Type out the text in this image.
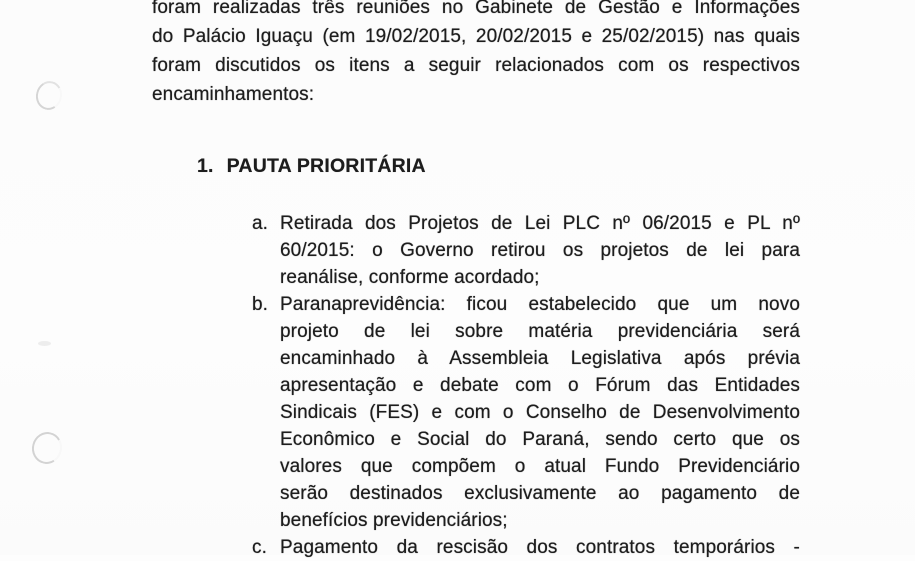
foram realizadas três reuniões no Gabinete de Gestão e Informações
do Palácio Iguaçu (em 19/02/2015, 20/02/2015 e 25/02/2015) nas quais
foram discutidos os itens a seguir relacionados com os respectivos
encaminhamentos:
1. PAUTA PRIORITÁRIA
a. Retirada dos Projetos de Lei PLC nº 06/2015 e PL nº
60/2015: o Governo retirou os projetos de lei para
reanálise, conforme acordado;
b. Paranaprevidência: ficou estabelecido que um novo
projeto de lei sobre matéria previdenciária será
encaminhado à Assembleia Legislativa após prévia
apresentação e debate com o Fórum das Entidades
Sindicais (FES) e com o Conselho de Desenvolvimento
Econômico e Social do Paraná, sendo certo que os
valores que compõem o atual Fundo Previdenciário
serão destinados exclusivamente ao pagamento de
benefícios previdenciários;
c. Pagamento da rescisão dos contratos temporários -
